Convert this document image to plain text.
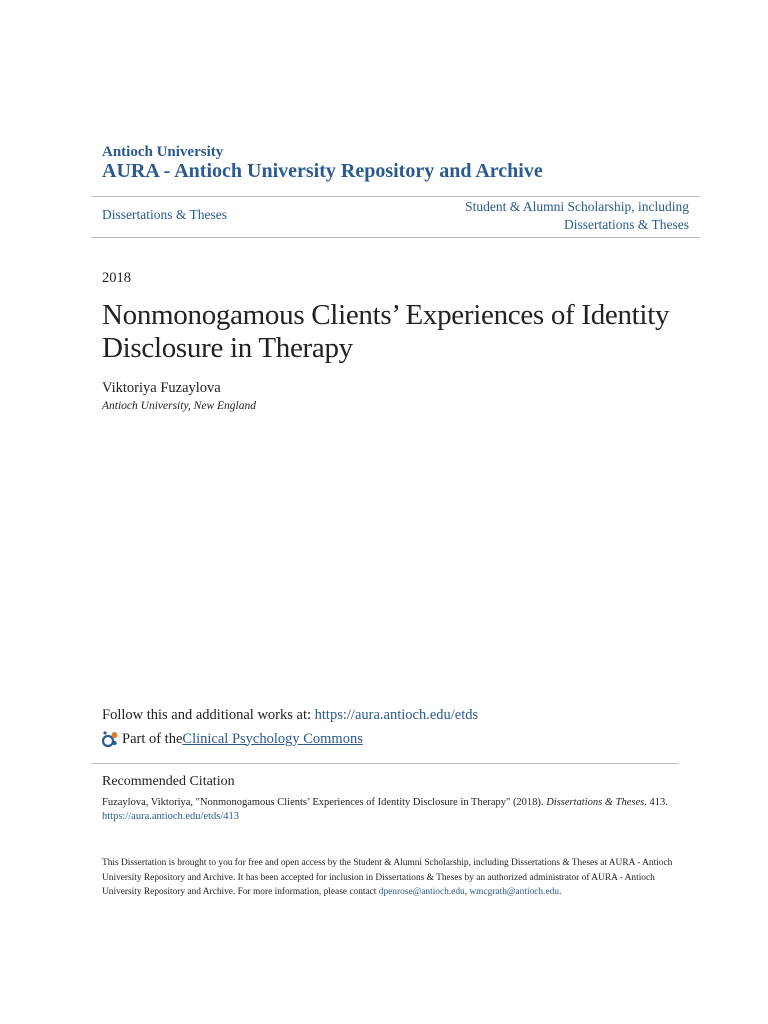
Antioch University
AURA - Antioch University Repository and Archive
Dissertations & Theses
Student & Alumni Scholarship, including
Dissertations & Theses
2018
Nonmonogamous Clients’ Experiences of Identity Disclosure in Therapy
Viktoriya Fuzaylova
Antioch University, New England
Follow this and additional works at: https://aura.antioch.edu/etds
Part of the Clinical Psychology Commons
Recommended Citation
Fuzaylova, Viktoriya, "Nonmonogamous Clients’ Experiences of Identity Disclosure in Therapy" (2018). Dissertations & Theses. 413.
https://aura.antioch.edu/etds/413
This Dissertation is brought to you for free and open access by the Student & Alumni Scholarship, including Dissertations & Theses at AURA - Antioch University Repository and Archive. It has been accepted for inclusion in Dissertations & Theses by an authorized administrator of AURA - Antioch University Repository and Archive. For more information, please contact dpenrose@antioch.edu, wmcgrath@antioch.edu.
